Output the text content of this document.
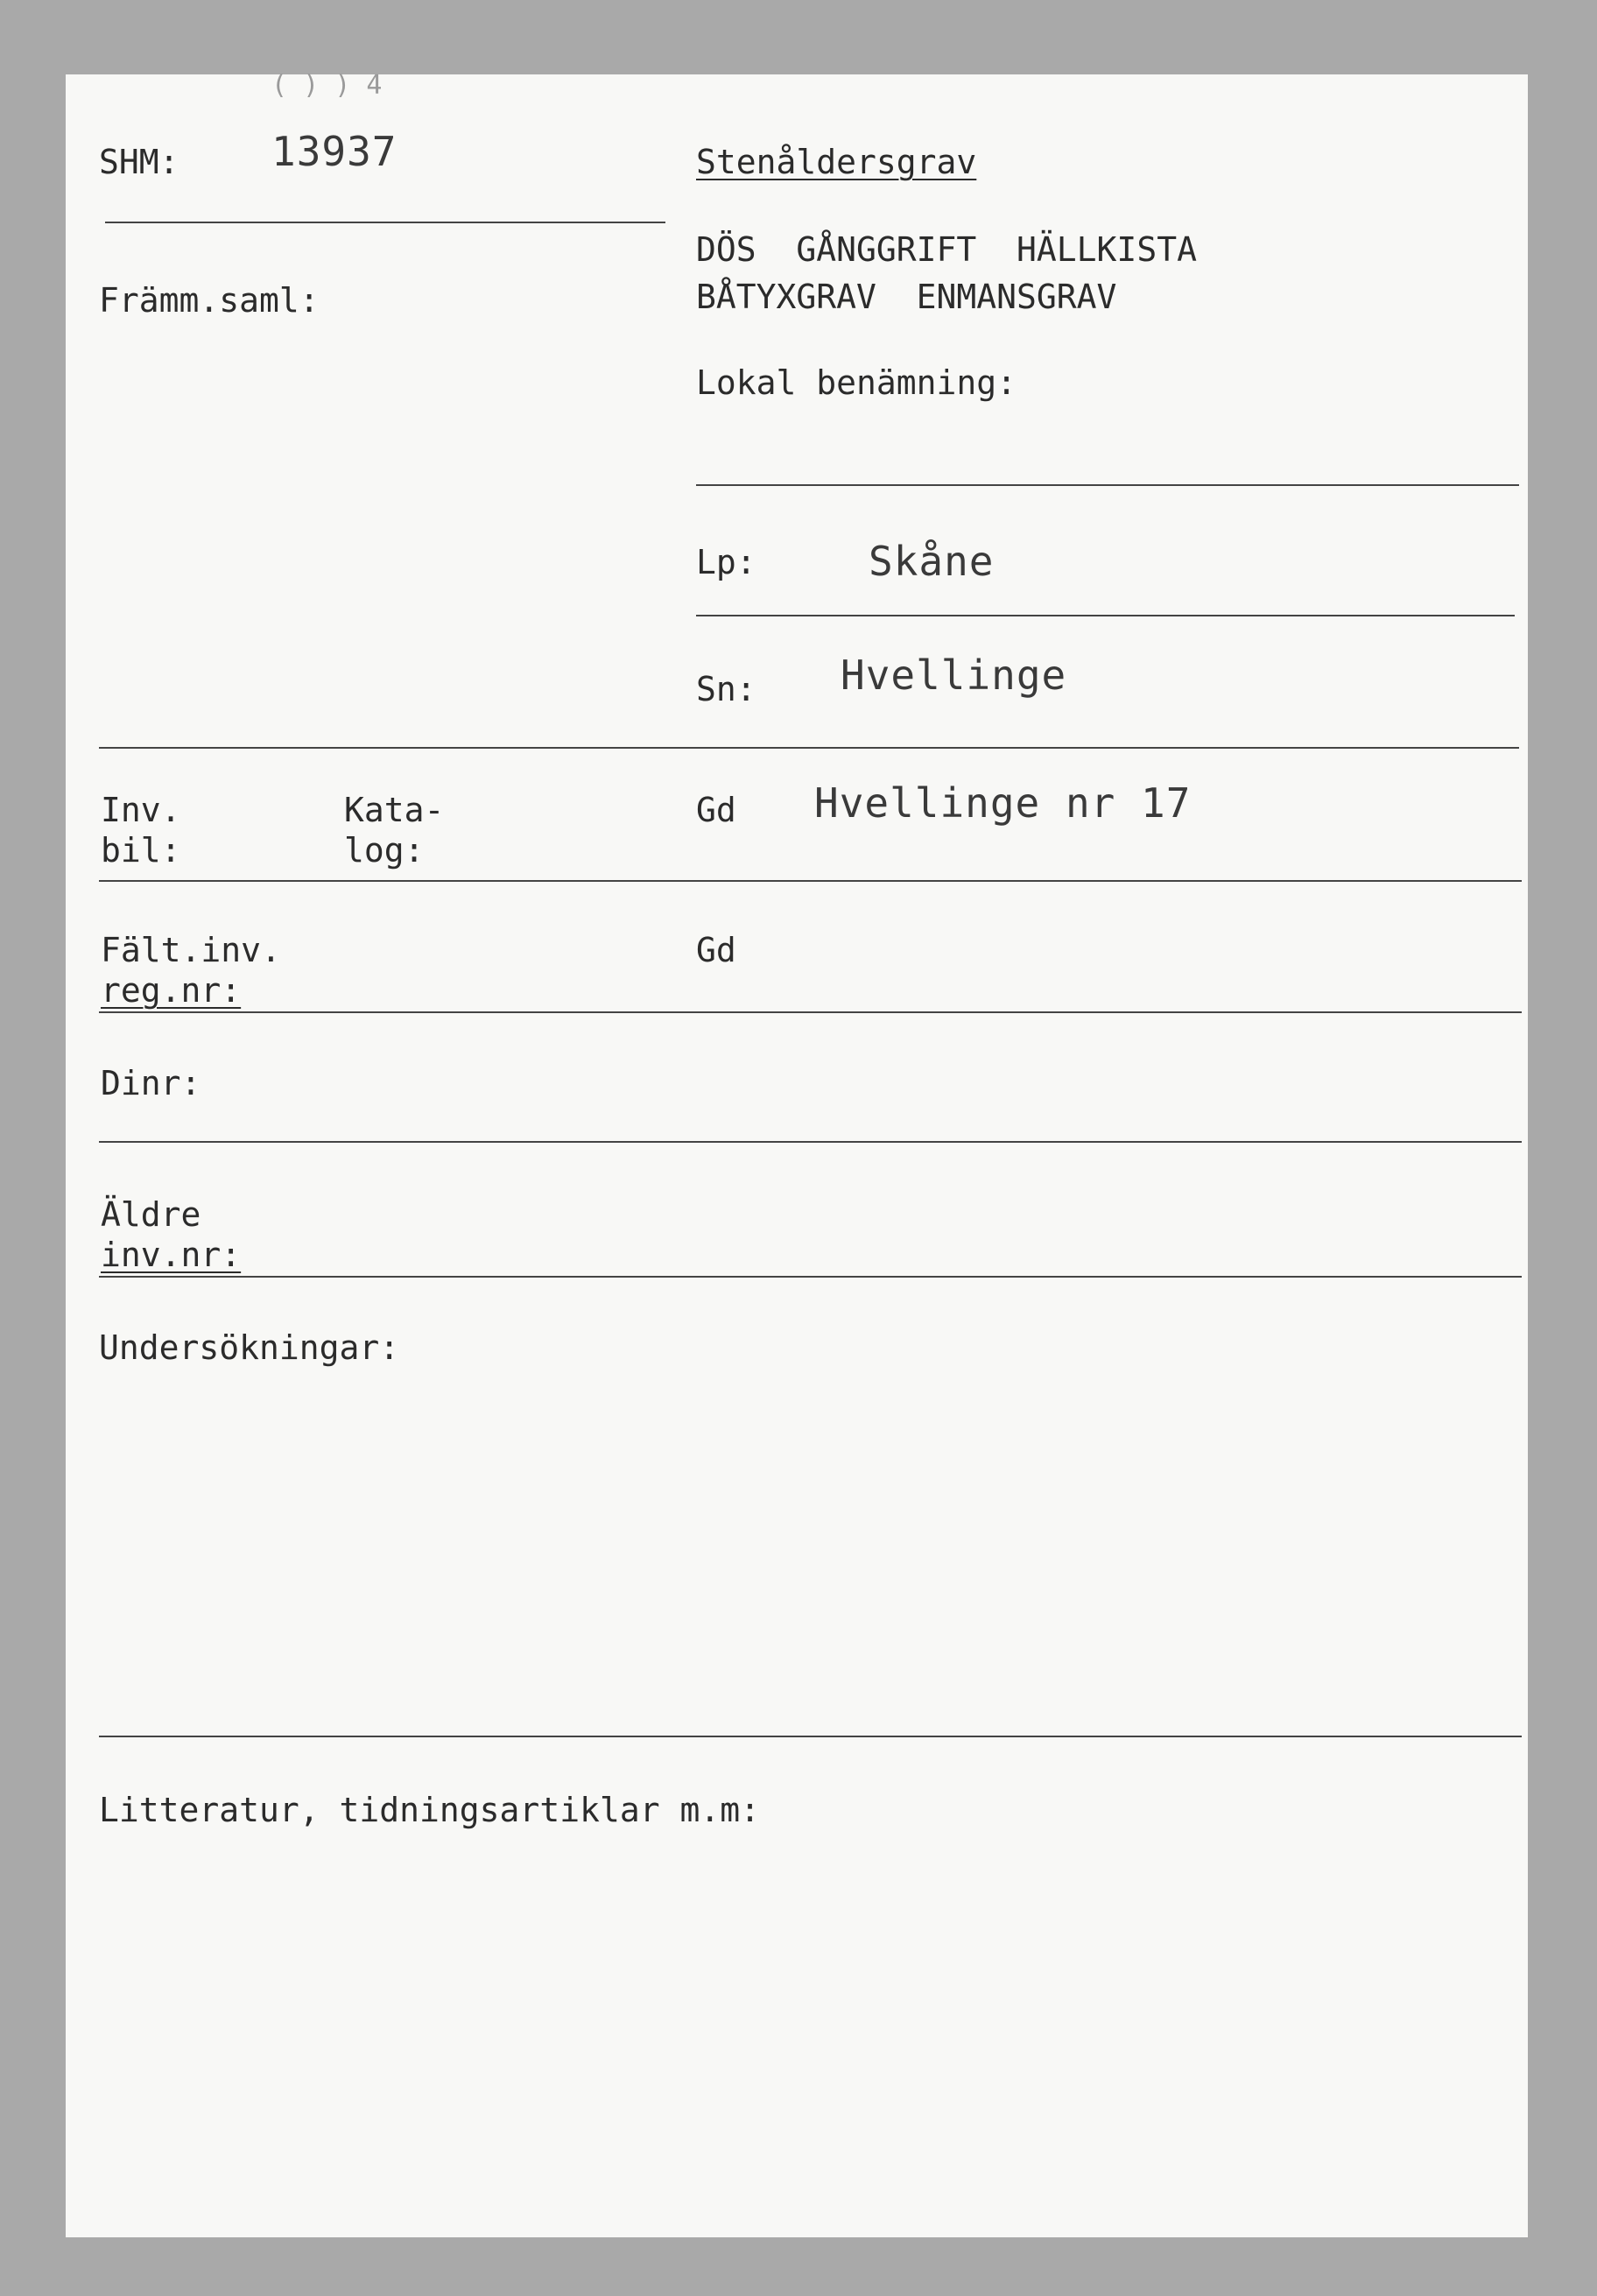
( ) ) 4
SHM: 13937	Stenåldersgrav
DÖS  GÅNGGRIFT  HÄLLKISTA
BÅTYXGRAV  ENMANSGRAV
Främm.saml:
Lokal benämning:
Lp:	Skåne
Sn: Hvellinge
Inv.
bil:
Kata-
log:
Gd Hvellinge nr 17
Fält.inv.
reg.nr:
Gd
Dinr:
Äldre
inv.nr:
Undersökningar:
Litteratur, tidningsartiklar m.m:
